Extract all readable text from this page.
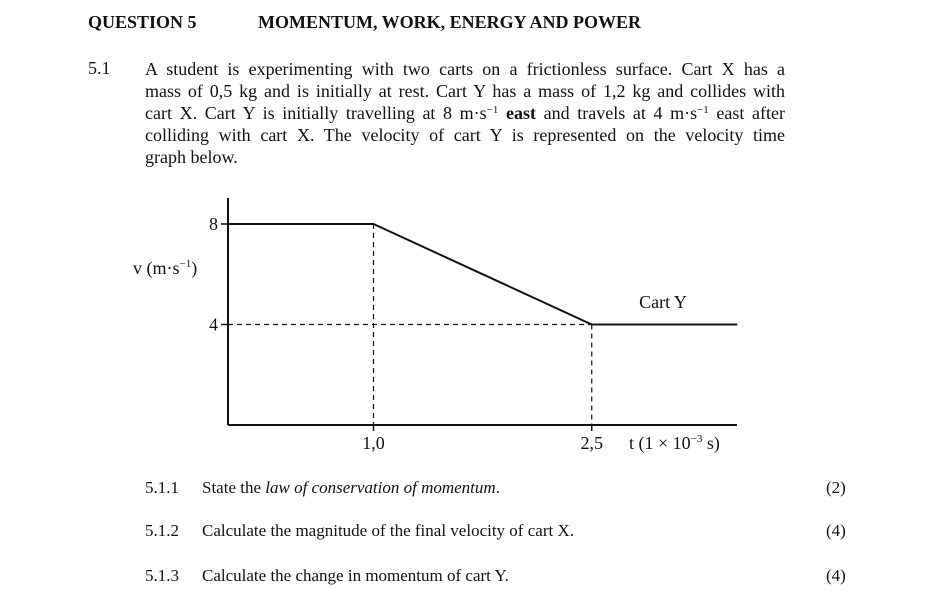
QUESTION 5	MOMENTUM, WORK, ENERGY AND POWER
5.1 A student is experimenting with two carts on a frictionless surface. Cart X has a
mass of 0,5 kg and is initially at rest. Cart Y has a mass of 1,2 kg and collides with
cart X. Cart Y is initially travelling at 8 $m\cdot s^{-1}$ east and travels at 4 $m\cdot s^{-1}$ east after
colliding with cart X. The velocity of cart Y is represented on the velocity time
graph below.
8
4
1,0	2,5
Cart Y
v $(m\cdot s^{-1})$
t ($1 \times 10^{-3}$ s)
5.1.1 State the law of conservation of momentum.	(2)
5.1.2 Calculate the magnitude of the final velocity of cart X.	(4)
5.1.3 Calculate the change in momentum of cart Y.	(4)
